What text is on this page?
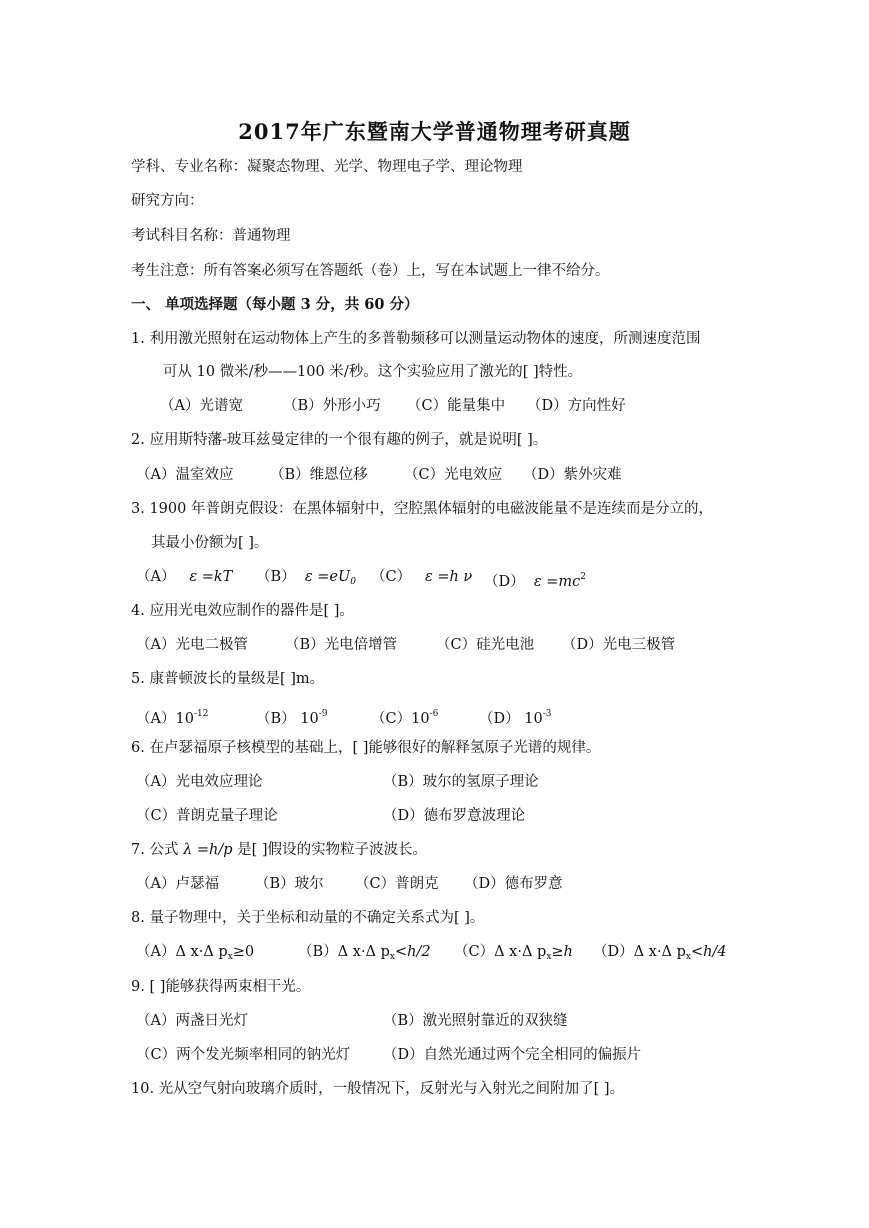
2017年广东暨南大学普通物理考研真题
学科、专业名称：凝聚态物理、光学、物理电子学、理论物理
研究方向：
考试科目名称：普通物理
考生注意：所有答案必须写在答题纸（卷）上，写在本试题上一律不给分。
一、 单项选择题（每小题 3 分，共 60 分）
1. 利用激光照射在运动物体上产生的多普勒频移可以测量运动物体的速度，所测速度范围
可从 10 微米/秒——100 米/秒。这个实验应用了激光的[ ]特性。
（A）光谱宽	（B）外形小巧 （C）能量集中 （D）方向性好
2. 应用斯特藩-玻耳兹曼定律的一个很有趣的例子，就是说明[ ]。
（A）温室效应	（B）维恩位移	（C）光电效应 （D）紫外灾难
3. 1900 年普朗克假设：在黑体辐射中，空腔黑体辐射的电磁波能量不是连续而是分立的，
其最小份额为[ ]。
（A） ε =kT （B） $\varepsilon =eU_0$ （C） ε =h ν （D） $\varepsilon =mc^2$
4. 应用光电效应制作的器件是[ ]。
（A）光电二极管	（B）光电倍增管	（C）硅光电池 （D）光电三极管
5. 康普顿波长的量级是[ ]m。
$(A)10^{-12}$	（B） $10^{-9}$	$(C)10^{-6}$	（D） $10^{-3}$
6. 在卢瑟福原子核模型的基础上，[ ]能够很好的解释氢原子光谱的规律。
（A）光电效应理论	（B）玻尔的氢原子理论
（C）普朗克量子理论	（D）德布罗意波理论
7. 公式 λ =h/p 是[ ]假设的实物粒子波波长。
（A）卢瑟福 （B）玻尔 （C）普朗克 （D）德布罗意
8. 量子物理中，关于坐标和动量的不确定关系式为[ ]。
（A）Δ x·Δ $p_x\ge 0$	（B）Δ x·Δ $p_x<h/2$ （C）Δ x·Δ $p_x\ge h$ （D）Δ x·Δ $p_x<h/4$
9. [ ]能够获得两束相干光。
（A）两盏日光灯	（B）激光照射靠近的双狭缝
（C）两个发光频率相同的钠光灯 （D）自然光通过两个完全相同的偏振片
10. 光从空气射向玻璃介质时，一般情况下，反射光与入射光之间附加了[ ]。
